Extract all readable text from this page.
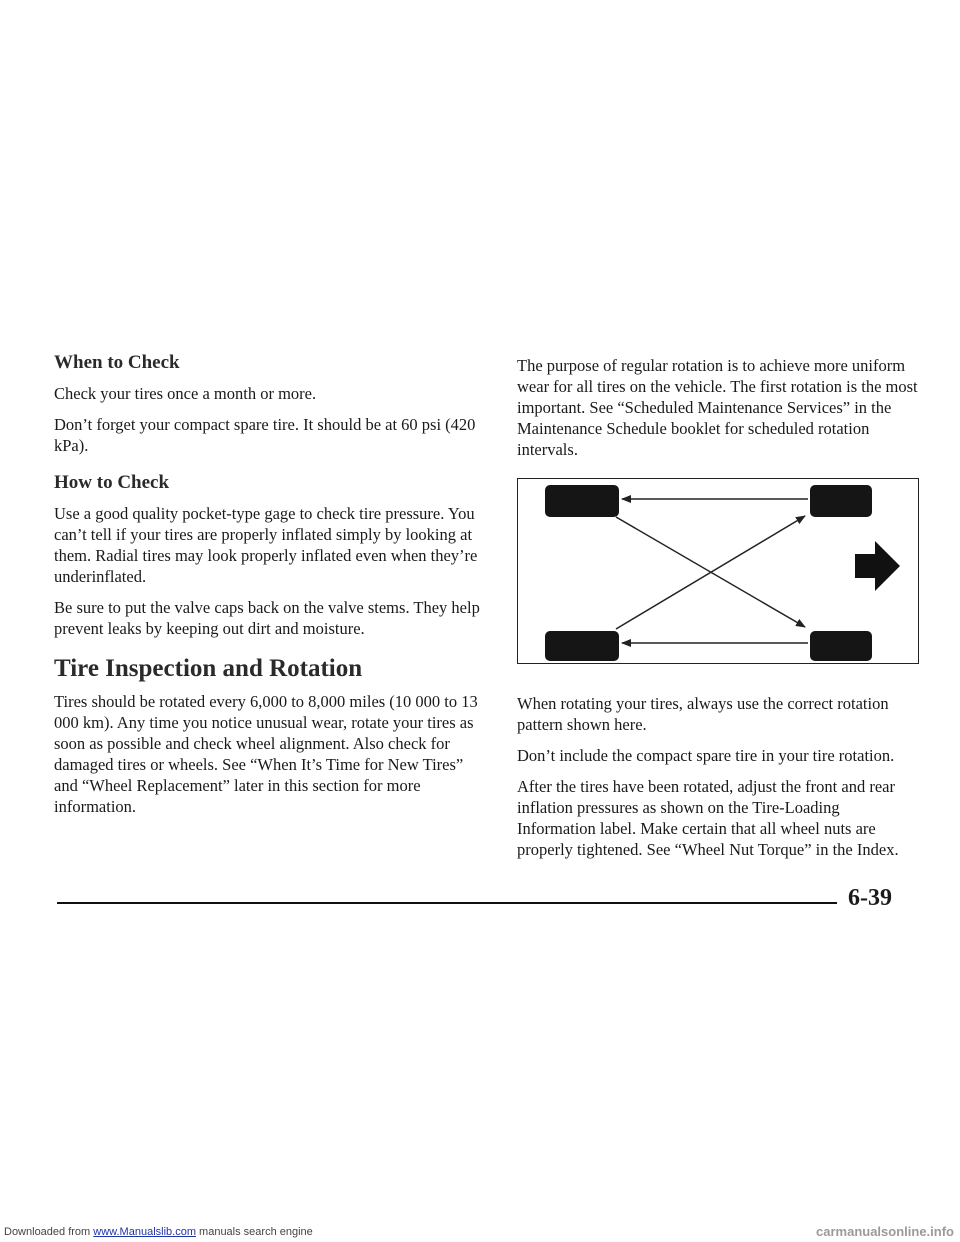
When to Check

Check your tires once a month or more.

Don’t forget your compact spare tire. It should be at 60 psi (420 kPa).

How to Check

Use a good quality pocket-type gage to check tire pressure. You can’t tell if your tires are properly inflated simply by looking at them. Radial tires may look properly inflated even when they’re underinflated.

Be sure to put the valve caps back on the valve stems. They help prevent leaks by keeping out dirt and moisture.

Tire Inspection and Rotation

Tires should be rotated every 6,000 to 8,000 miles (10 000 to 13 000 km). Any time you notice unusual wear, rotate your tires as soon as possible and check wheel alignment. Also check for damaged tires or wheels. See “When It’s Time for New Tires” and “Wheel Replacement” later in this section for more information.

The purpose of regular rotation is to achieve more uniform wear for all tires on the vehicle. The first rotation is the most important. See “Scheduled Maintenance Services” in the Maintenance Schedule booklet for scheduled rotation intervals.

When rotating your tires, always use the correct rotation pattern shown here.

Don’t include the compact spare tire in your tire rotation.

After the tires have been rotated, adjust the front and rear inflation pressures as shown on the Tire-Loading Information label. Make certain that all wheel nuts are properly tightened. See “Wheel Nut Torque” in the Index.

6-39
Downloaded from www.Manualslib.com manuals search engine	carmanualsonline.info
